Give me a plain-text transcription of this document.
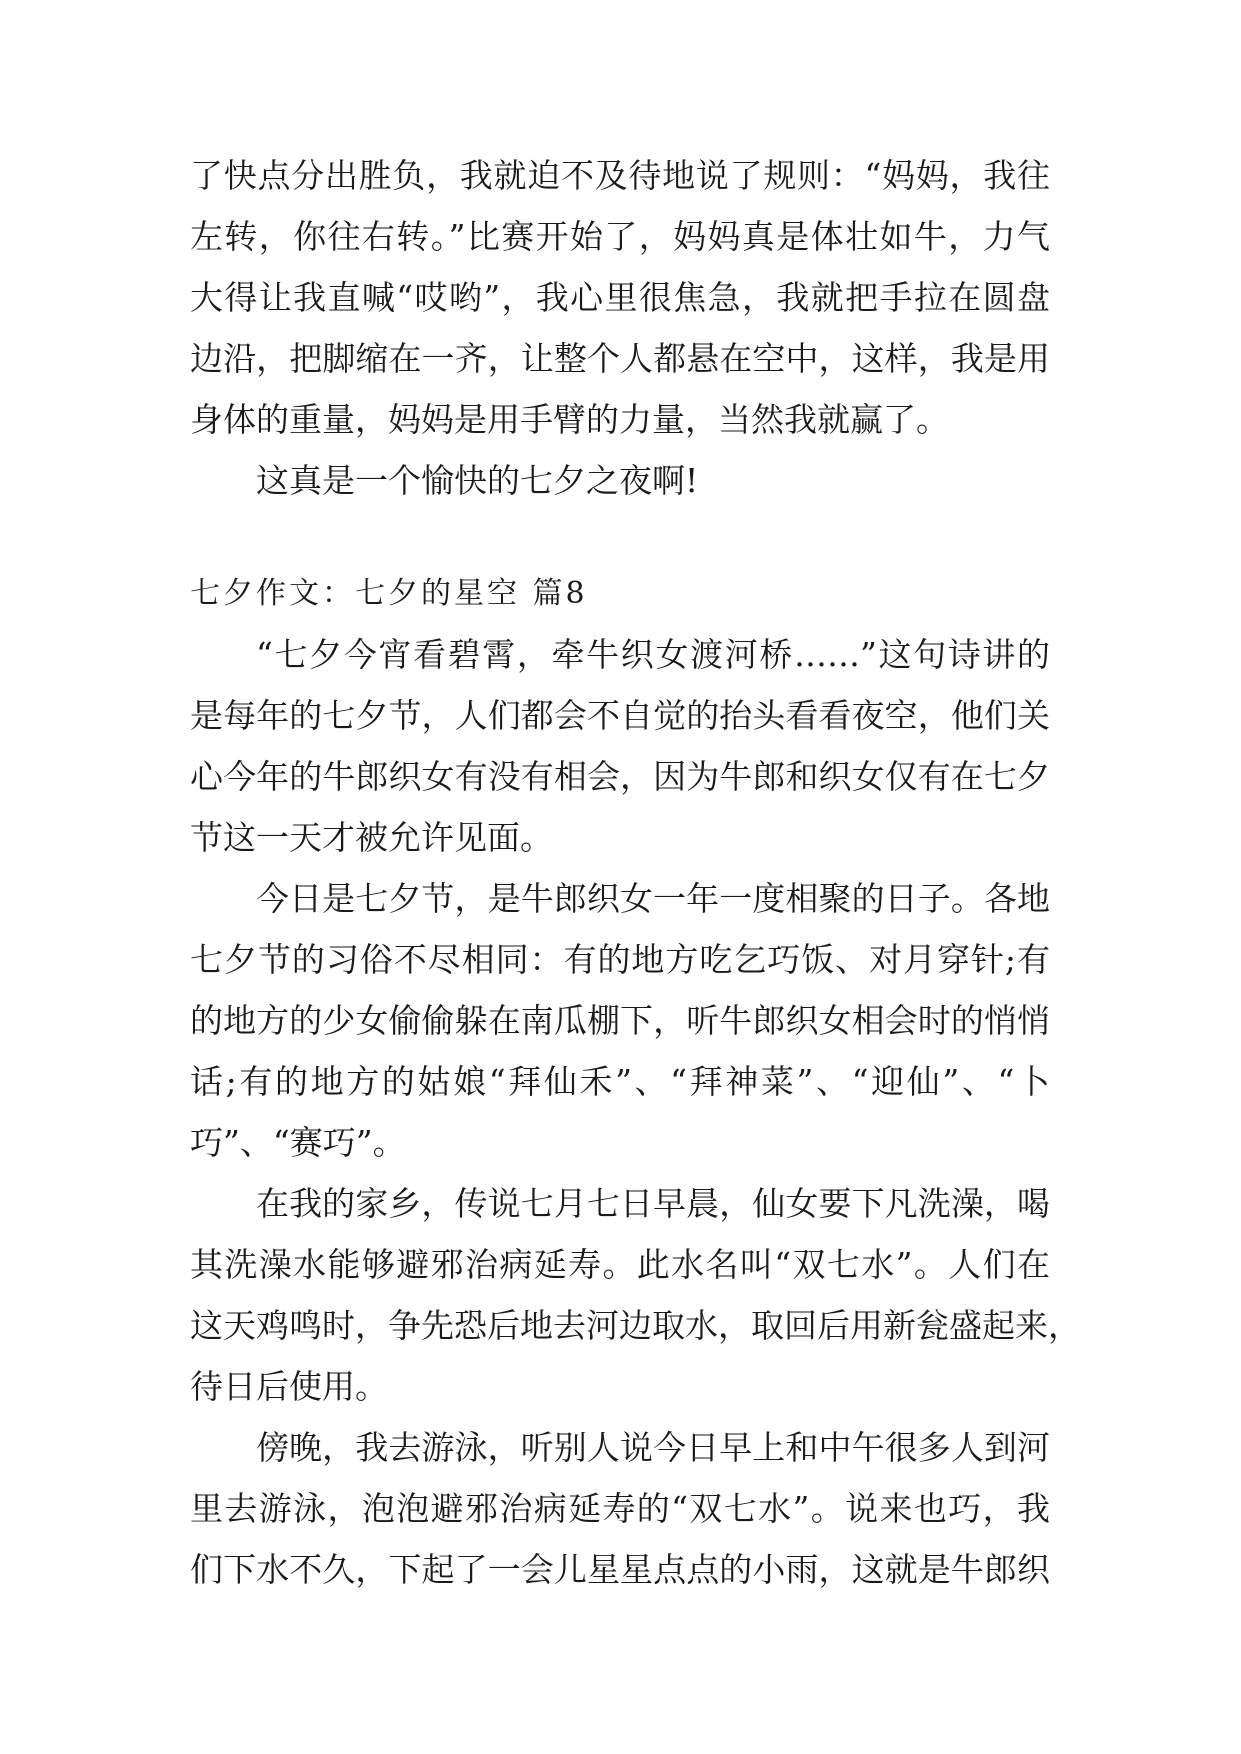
了快点分出胜负，我就迫不及待地说了规则：“妈妈，我往
左转，你往右转。”比赛开始了，妈妈真是体壮如牛，力气
大得让我直喊“哎哟”，我心里很焦急，我就把手拉在圆盘
边沿，把脚缩在一齐，让整个人都悬在空中，这样，我是用
身体的重量，妈妈是用手臂的力量，当然我就赢了。
这真是一个愉快的七夕之夜啊!
七夕作文：七夕的星空 篇8
“七夕今宵看碧霄，牵牛织女渡河桥……”这句诗讲的
是每年的七夕节，人们都会不自觉的抬头看看夜空，他们关
心今年的牛郎织女有没有相会，因为牛郎和织女仅有在七夕
节这一天才被允许见面。
今日是七夕节，是牛郎织女一年一度相聚的日子。各地
七夕节的习俗不尽相同：有的地方吃乞巧饭、对月穿针;有
的地方的少女偷偷躲在南瓜棚下，听牛郎织女相会时的悄悄
话;有的地方的姑娘“拜仙禾”、“拜神菜”、“迎仙”、“卜
巧”、“赛巧”。
在我的家乡，传说七月七日早晨，仙女要下凡洗澡，喝
其洗澡水能够避邪治病延寿。此水名叫“双七水”。人们在
这天鸡鸣时，争先恐后地去河边取水，取回后用新瓮盛起来，
待日后使用。
傍晚，我去游泳，听别人说今日早上和中午很多人到河
里去游泳，泡泡避邪治病延寿的“双七水”。说来也巧，我
们下水不久，下起了一会儿星星点点的小雨，这就是牛郎织
